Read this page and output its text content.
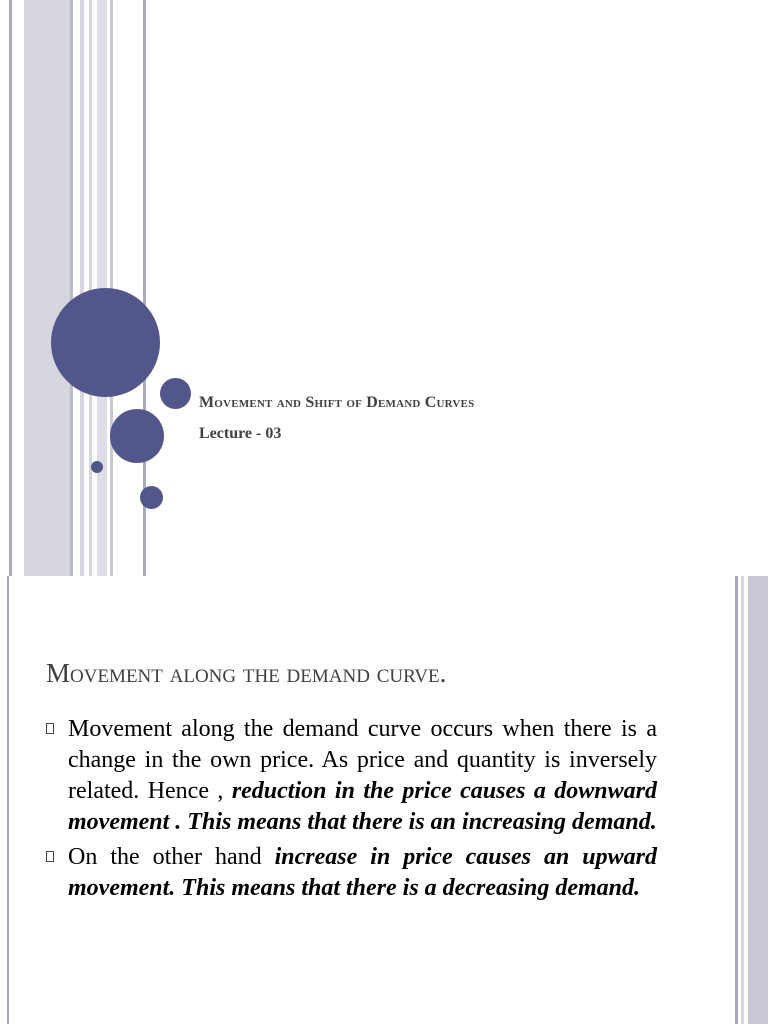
Movement and Shift of Demand Curves
Lecture - 03
Movement along the demand curve.
Movement along the demand curve occurs when there is a change in the own price. As price and quantity is inversely related. Hence , reduction in the price causes a downward movement . This means that there is an increasing demand.
On the other hand increase in price causes an upward movement. This means that there is a decreasing demand.
